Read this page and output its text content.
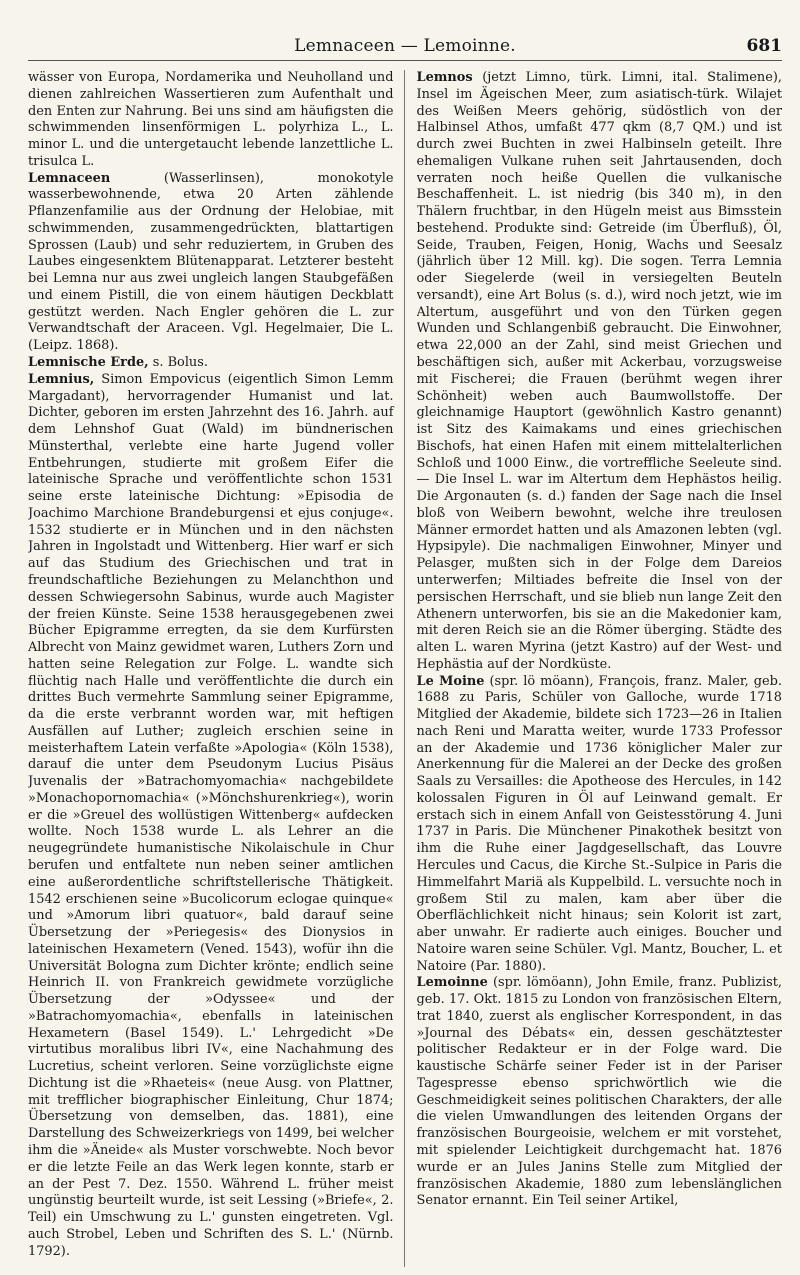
Lemnaceen — Lemoinne.	681

wässer von Europa, Nordamerika und Neuholland und dienen zahlreichen Wassertieren zum Aufenthalt und den Enten zur Nahrung. Bei uns sind am häufigsten die schwimmenden linsenförmigen L. polyrhiza L., L. minor L. und die untergetaucht lebende lanzettliche L. trisulca L.

Lemnaceen (Wasserlinsen), monokotyle wasserbewohnende, etwa 20 Arten zählende Pflanzenfamilie aus der Ordnung der Helobiae, mit schwimmenden, zusammengedrückten, blattartigen Sprossen (Laub) und sehr reduziertem, in Gruben des Laubes eingesenktem Blütenapparat. Letzterer besteht bei Lemna nur aus zwei ungleich langen Staubgefäßen und einem Pistill, die von einem häutigen Deckblatt gestützt werden. Nach Engler gehören die L. zur Verwandtschaft der Araceen. Vgl. Hegelmaier, Die L. (Leipz. 1868).

Lemnische Erde, s. Bolus.

Lemnius, Simon Empovicus (eigentlich Simon Lemm Margadant), hervorragender Humanist und lat. Dichter, geboren im ersten Jahrzehnt des 16. Jahrh. auf dem Lehnshof Guat (Wald) im bündnerischen Münsterthal, verlebte eine harte Jugend voller Entbehrungen, studierte mit großem Eifer die lateinische Sprache und veröffentlichte schon 1531 seine erste lateinische Dichtung: »Episodia de Joachimo Marchione Brandeburgensi et ejus conjuge«. 1532 studierte er in München und in den nächsten Jahren in Ingolstadt und Wittenberg. Hier warf er sich auf das Studium des Griechischen und trat in freundschaftliche Beziehungen zu Melanchthon und dessen Schwiegersohn Sabinus, wurde auch Magister der freien Künste. Seine 1538 herausgegebenen zwei Bücher Epigramme erregten, da sie dem Kurfürsten Albrecht von Mainz gewidmet waren, Luthers Zorn und hatten seine Relegation zur Folge. L. wandte sich flüchtig nach Halle und veröffentlichte die durch ein drittes Buch vermehrte Sammlung seiner Epigramme, da die erste verbrannt worden war, mit heftigen Ausfällen auf Luther; zugleich erschien seine in meisterhaftem Latein verfaßte »Apologia« (Köln 1538), darauf die unter dem Pseudonym Lucius Pisäus Juvenalis der »Batrachomyomachia« nachgebildete »Monachopornomachia« (»Mönchshurenkrieg«), worin er die »Greuel des wollüstigen Wittenberg« aufdecken wollte. Noch 1538 wurde L. als Lehrer an die neugegründete humanistische Nikolaischule in Chur berufen und entfaltete nun neben seiner amtlichen eine außerordentliche schriftstellerische Thätigkeit. 1542 erschienen seine »Bucolicorum eclogae quinque« und »Amorum libri quatuor«, bald darauf seine Übersetzung der »Periegesis« des Dionysios in lateinischen Hexametern (Vened. 1543), wofür ihn die Universität Bologna zum Dichter krönte; endlich seine Heinrich II. von Frankreich gewidmete vorzügliche Übersetzung der »Odyssee« und der »Batrachomyomachia«, ebenfalls in lateinischen Hexametern (Basel 1549). L.' Lehrgedicht »De virtutibus moralibus libri IV«, eine Nachahmung des Lucretius, scheint verloren. Seine vorzüglichste eigne Dichtung ist die »Rhaeteis« (neue Ausg. von Plattner, mit trefflicher biographischer Einleitung, Chur 1874; Übersetzung von demselben, das. 1881), eine Darstellung des Schweizerkriegs von 1499, bei welcher ihm die »Äneide« als Muster vorschwebte. Noch bevor er die letzte Feile an das Werk legen konnte, starb er an der Pest 7. Dez. 1550. Während L. früher meist ungünstig beurteilt wurde, ist seit Lessing (»Briefe«, 2. Teil) ein Umschwung zu L.' gunsten eingetreten. Vgl. auch Strobel, Leben und Schriften des S. L.' (Nürnb. 1792).

Lemnos (jetzt Limno, türk. Limni, ital. Stalimene), Insel im Ägeischen Meer, zum asiatisch-türk. Wilajet des Weißen Meers gehörig, südöstlich von der Halbinsel Athos, umfaßt 477 qkm (8,7 QM.) und ist durch zwei Buchten in zwei Halbinseln geteilt. Ihre ehemaligen Vulkane ruhen seit Jahrtausenden, doch verraten noch heiße Quellen die vulkanische Beschaffenheit. L. ist niedrig (bis 340 m), in den Thälern fruchtbar, in den Hügeln meist aus Bimsstein bestehend. Produkte sind: Getreide (im Überfluß), Öl, Seide, Trauben, Feigen, Honig, Wachs und Seesalz (jährlich über 12 Mill. kg). Die sogen. Terra Lemnia oder Siegelerde (weil in versiegelten Beuteln versandt), eine Art Bolus (s. d.), wird noch jetzt, wie im Altertum, ausgeführt und von den Türken gegen Wunden und Schlangenbiß gebraucht. Die Einwohner, etwa 22,000 an der Zahl, sind meist Griechen und beschäftigen sich, außer mit Ackerbau, vorzugsweise mit Fischerei; die Frauen (berühmt wegen ihrer Schönheit) weben auch Baumwollstoffe. Der gleichnamige Hauptort (gewöhnlich Kastro genannt) ist Sitz des Kaimakams und eines griechischen Bischofs, hat einen Hafen mit einem mittelalterlichen Schloß und 1000 Einw., die vortreffliche Seeleute sind. — Die Insel L. war im Altertum dem Hephästos heilig. Die Argonauten (s. d.) fanden der Sage nach die Insel bloß von Weibern bewohnt, welche ihre treulosen Männer ermordet hatten und als Amazonen lebten (vgl. Hypsipyle). Die nachmaligen Einwohner, Minyer und Pelasger, mußten sich in der Folge dem Dareios unterwerfen; Miltiades befreite die Insel von der persischen Herrschaft, und sie blieb nun lange Zeit den Athenern unterworfen, bis sie an die Makedonier kam, mit deren Reich sie an die Römer überging. Städte des alten L. waren Myrina (jetzt Kastro) auf der West- und Hephästia auf der Nordküste.

Le Moine (spr. lö möann), François, franz. Maler, geb. 1688 zu Paris, Schüler von Galloche, wurde 1718 Mitglied der Akademie, bildete sich 1723—26 in Italien nach Reni und Maratta weiter, wurde 1733 Professor an der Akademie und 1736 königlicher Maler zur Anerkennung für die Malerei an der Decke des großen Saals zu Versailles: die Apotheose des Hercules, in 142 kolossalen Figuren in Öl auf Leinwand gemalt. Er erstach sich in einem Anfall von Geistesstörung 4. Juni 1737 in Paris. Die Münchener Pinakothek besitzt von ihm die Ruhe einer Jagdgesellschaft, das Louvre Hercules und Cacus, die Kirche St.-Sulpice in Paris die Himmelfahrt Mariä als Kuppelbild. L. versuchte noch in großem Stil zu malen, kam aber über die Oberflächlichkeit nicht hinaus; sein Kolorit ist zart, aber unwahr. Er radierte auch einiges. Boucher und Natoire waren seine Schüler. Vgl. Mantz, Boucher, L. et Natoire (Par. 1880).

Lemoinne (spr. lömöann), John Emile, franz. Publizist, geb. 17. Okt. 1815 zu London von französischen Eltern, trat 1840, zuerst als englischer Korrespondent, in das »Journal des Débats« ein, dessen geschätztester politischer Redakteur er in der Folge ward. Die kaustische Schärfe seiner Feder ist in der Pariser Tagespresse ebenso sprichwörtlich wie die Geschmeidigkeit seines politischen Charakters, der alle die vielen Umwandlungen des leitenden Organs der französischen Bourgeoisie, welchem er mit vorstehet, mit spielender Leichtigkeit durchgemacht hat. 1876 wurde er an Jules Janins Stelle zum Mitglied der französischen Akademie, 1880 zum lebenslänglichen Senator ernannt. Ein Teil seiner Artikel,
